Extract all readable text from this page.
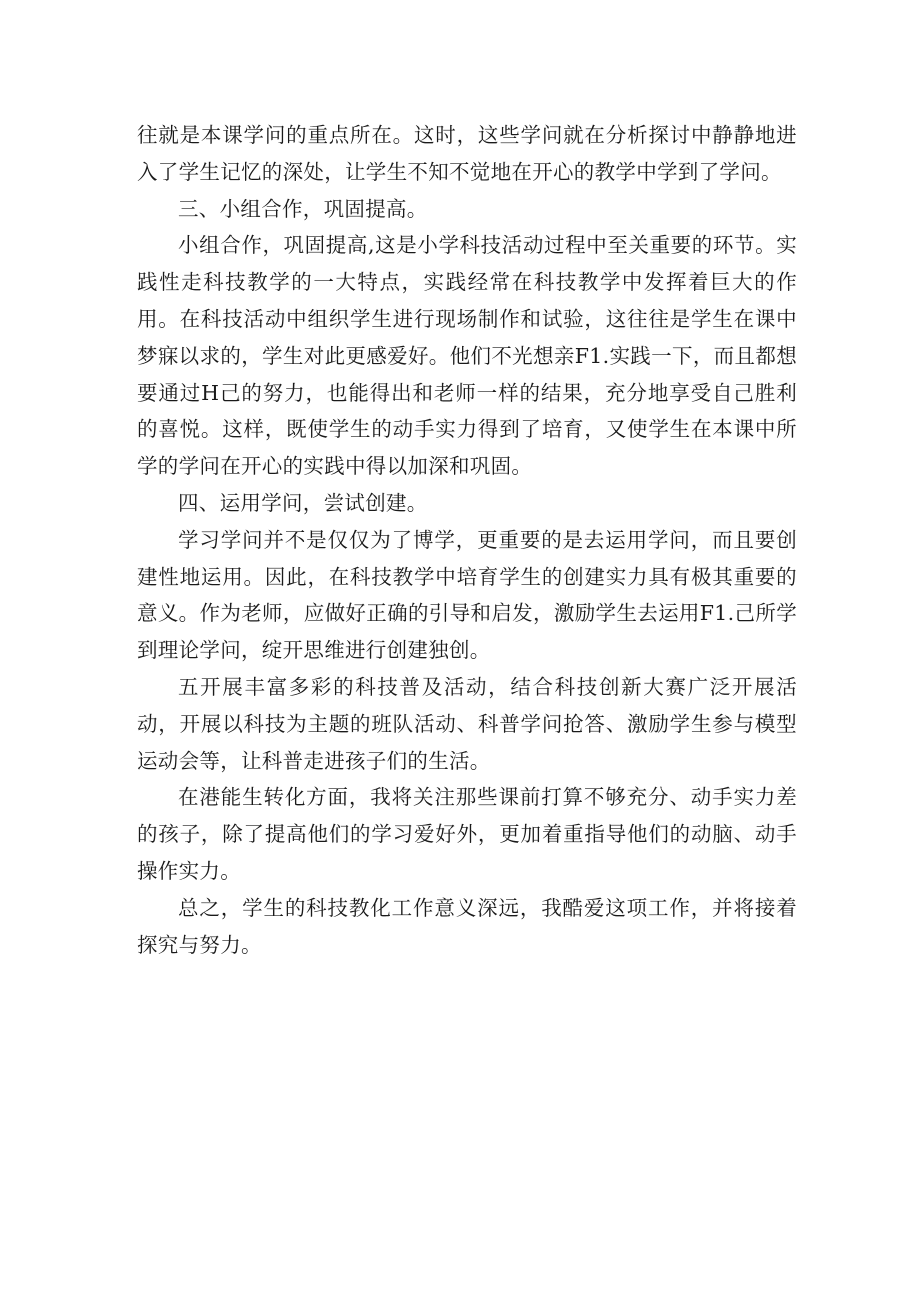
往就是本课学问的重点所在。这时，这些学问就在分析探讨中静静地进入了学生记忆的深处，让学生不知不觉地在开心的教学中学到了学问。

三、小组合作，巩固提高。

小组合作，巩固提高,这是小学科技活动过程中至关重要的环节。实践性走科技教学的一大特点，实践经常在科技教学中发挥着巨大的作用。在科技活动中组织学生进行现场制作和试验，这往往是学生在课中梦寐以求的，学生对此更感爱好。他们不光想亲F1.实践一下，而且都想要通过H己的努力，也能得出和老师一样的结果，充分地享受自己胜利的喜悦。这样，既使学生的动手实力得到了培育，又使学生在本课中所学的学问在开心的实践中得以加深和巩固。

四、运用学问，尝试创建。

学习学问并不是仅仅为了博学，更重要的是去运用学问，而且要创建性地运用。因此，在科技教学中培育学生的创建实力具有极其重要的意义。作为老师，应做好正确的引导和启发，激励学生去运用F1.己所学到理论学问，绽开思维进行创建独创。

五开展丰富多彩的科技普及活动，结合科技创新大赛广泛开展活动，开展以科技为主题的班队活动、科普学问抢答、激励学生参与模型运动会等，让科普走进孩子们的生活。

在港能生转化方面，我将关注那些课前打算不够充分、动手实力差的孩子，除了提高他们的学习爱好外，更加着重指导他们的动脑、动手操作实力。

总之，学生的科技教化工作意义深远，我酷爱这项工作，并将接着探究与努力。
